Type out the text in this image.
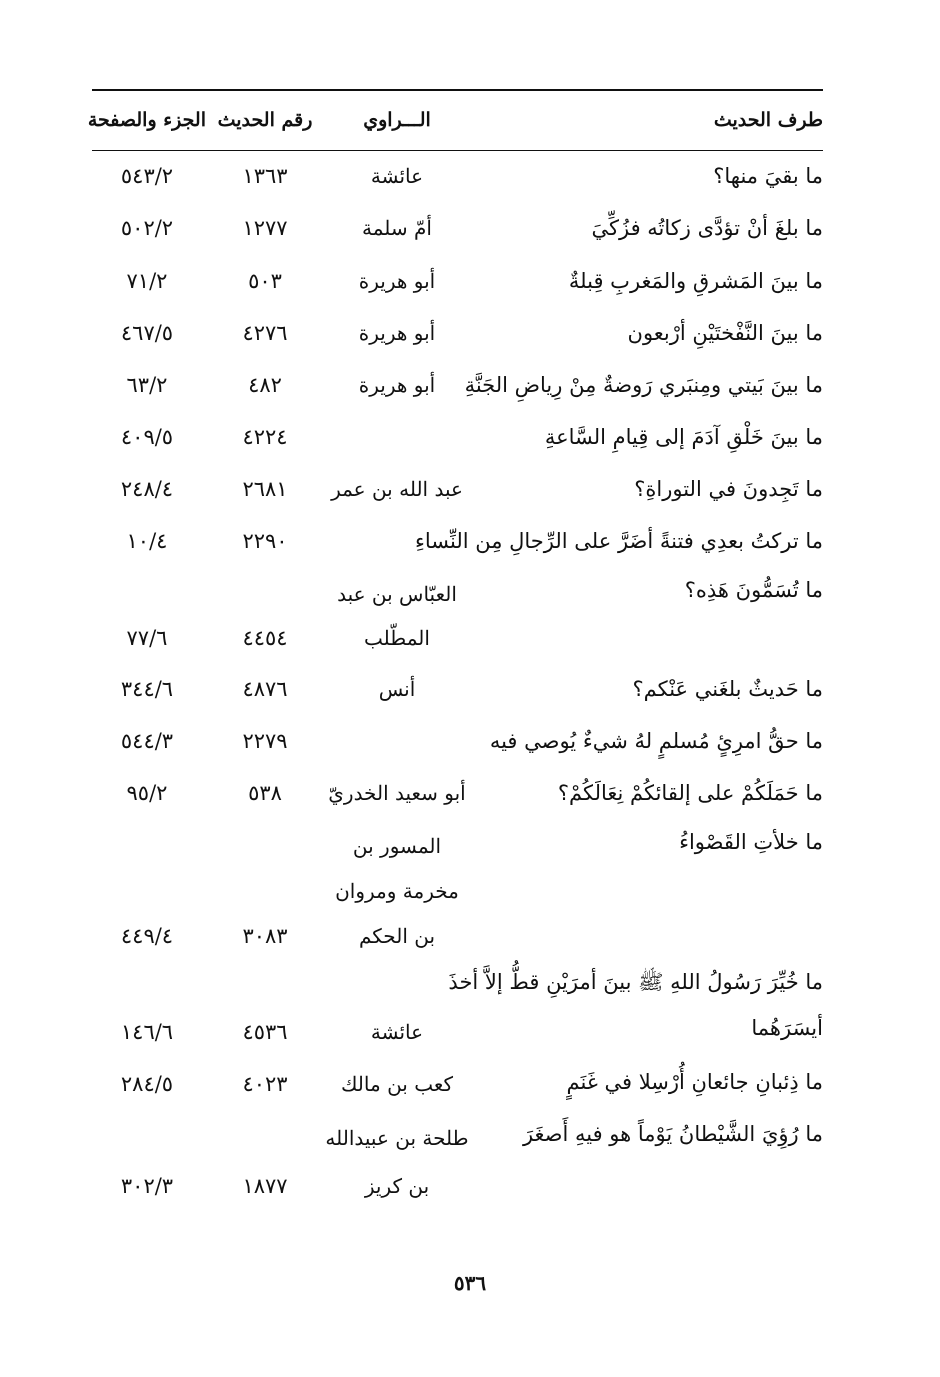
طرف الحديث
الـــراوي
رقم الحديث
الجزء والصفحة
ما بقيَ منها؟
عائشة
١٣٦٣
٥٤٣/٢
ما بلغَ أنْ تؤدَّى زكاتُه فزُكِّيَ
أمّ سلمة
١٢٧٧
٥٠٢/٢
ما بينَ المَشرقِ والمَغربِ قِبلةٌ
أبو هريرة
٥٠٣
٧١/٢
ما بينَ النَّفْختَيْنِ أرْبعون
أبو هريرة
٤٢٧٦
٤٦٧/٥
ما بينَ بَيتي ومِنبَري رَوضةٌ مِنْ رِياضِ الجَنَّةِ
أبو هريرة
٤٨٢
٦٣/٢
ما بينَ خَلْقِ آدَمَ إلى قِيامِ السَّاعةِ
٤٢٢٤
٤٠٩/٥
ما تَجِدونَ في التوراةِ؟
عبد الله بن عمر
٢٦٨١
٢٤٨/٤
ما تركتُ بعدِي فتنةً أضَرَّ على الرِّجالِ مِن النِّساءِ
٢٢٩٠
١٠/٤
ما تُسَمُّونَ هَذِه؟
العبّاس بن عبد
المطّلب
٤٤٥٤
٧٧/٦
ما حَديثٌ بلغَني عَنْكم؟
أنس
٤٨٧٦
٣٤٤/٦
ما حقُّ امرِئٍ مُسلمٍ لهُ شيءٌ يُوصي فيه
٢٢٧٩
٥٤٤/٣
ما حَمَلَكُمْ على إلقائكُمْ نِعَالَكُمْ؟
أبو سعيد الخدريّ
٥٣٨
٩٥/٢
ما خلأتِ القَصْواءُ
المسور بن
مخرمة ومروان
بن الحكم
٣٠٨٣
٤٤٩/٤
ما خُيِّرَ رَسُولُ اللهِ ﷺ بينَ أمرَيْنِ قطُّ إلاَّ أخذَ
أيسَرَهُما
عائشة
٤٥٣٦
١٤٦/٦
ما ذِئبانِ جائعانِ أُرْسِلا في غَنَمٍ
كعب بن مالك
٤٠٢٣
٢٨٤/٥
ما رُؤِيَ الشَّيْطانُ يَوْماً هو فيهِ أَصغَرَ
طلحة بن عبيدالله
بن كريز
١٨٧٧
٣٠٢/٣
٥٣٦
